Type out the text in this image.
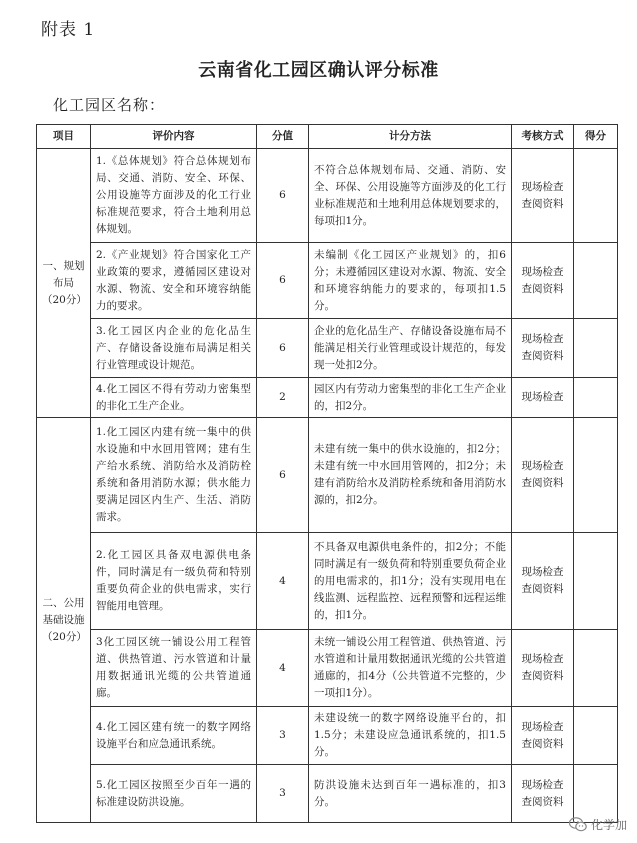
附表 1
云南省化工园区确认评分标准
化工园区名称：
项目	评价内容	分值	计分方法	考核方式	得分
一、规划布局（20分）	1.《总体规划》符合总体规划布局、交通、消防、安全、环保、公用设施等方面涉及的化工行业标准规范要求，符合土地利用总体规划。	6	不符合总体规划布局、交通、消防、安全、环保、公用设施等方面涉及的化工行业标准规范和土地利用总体规划要求的，每项扣1分。	现场检查查阅资料	
	2.《产业规划》符合国家化工产业政策的要求，遵循园区建设对水源、物流、安全和环境容纳能力的要求。	6	未编制《化工园区产业规划》的，扣6分；未遵循园区建设对水源、物流、安全和环境容纳能力的要求的，每项扣1.5分。	现场检查查阅资料	
	3.化工园区内企业的危化品生产、存储设备设施布局满足相关行业管理或设计规范。	6	企业的危化品生产、存储设备设施布局不能满足相关行业管理或设计规范的，每发现一处扣2分。	现场检查查阅资料	
	4.化工园区不得有劳动力密集型的非化工生产企业。	2	园区内有劳动力密集型的非化工生产企业的，扣2分。	现场检查	
二、公用基础设施（20分）	1.化工园区内建有统一集中的供水设施和中水回用管网；建有生产给水系统、消防给水及消防栓系统和备用消防水源；供水能力要满足园区内生产、生活、消防需求。	6	未建有统一集中的供水设施的，扣2分；未建有统一中水回用管网的，扣2分；未建有消防给水及消防栓系统和备用消防水源的，扣2分。	现场检查查阅资料	
	2.化工园区具备双电源供电条件，同时满足有一级负荷和特别重要负荷企业的供电需求，实行智能用电管理。	4	不具备双电源供电条件的，扣2分；不能同时满足有一级负荷和特别重要负荷企业的用电需求的，扣1分；没有实现用电在线监测、远程监控、远程预警和远程运维的，扣1分。	现场检查查阅资料	
	3化工园区统一铺设公用工程管道、供热管道、污水管道和计量用数据通讯光缆的公共管道通廊。	4	未统一铺设公用工程管道、供热管道、污水管道和计量用数据通讯光缆的公共管道通廊的，扣4分（公共管道不完整的，少一项扣1分）。	现场检查查阅资料	
	4.化工园区建有统一的数字网络设施平台和应急通讯系统。	3	未建设统一的数字网络设施平台的，扣1.5分；未建设应急通讯系统的，扣1.5分。	现场检查查阅资料	
	5.化工园区按照至少百年一遇的标准建设防洪设施。	3	防洪设施未达到百年一遇标准的，扣3分。	现场检查查阅资料	
化学加
